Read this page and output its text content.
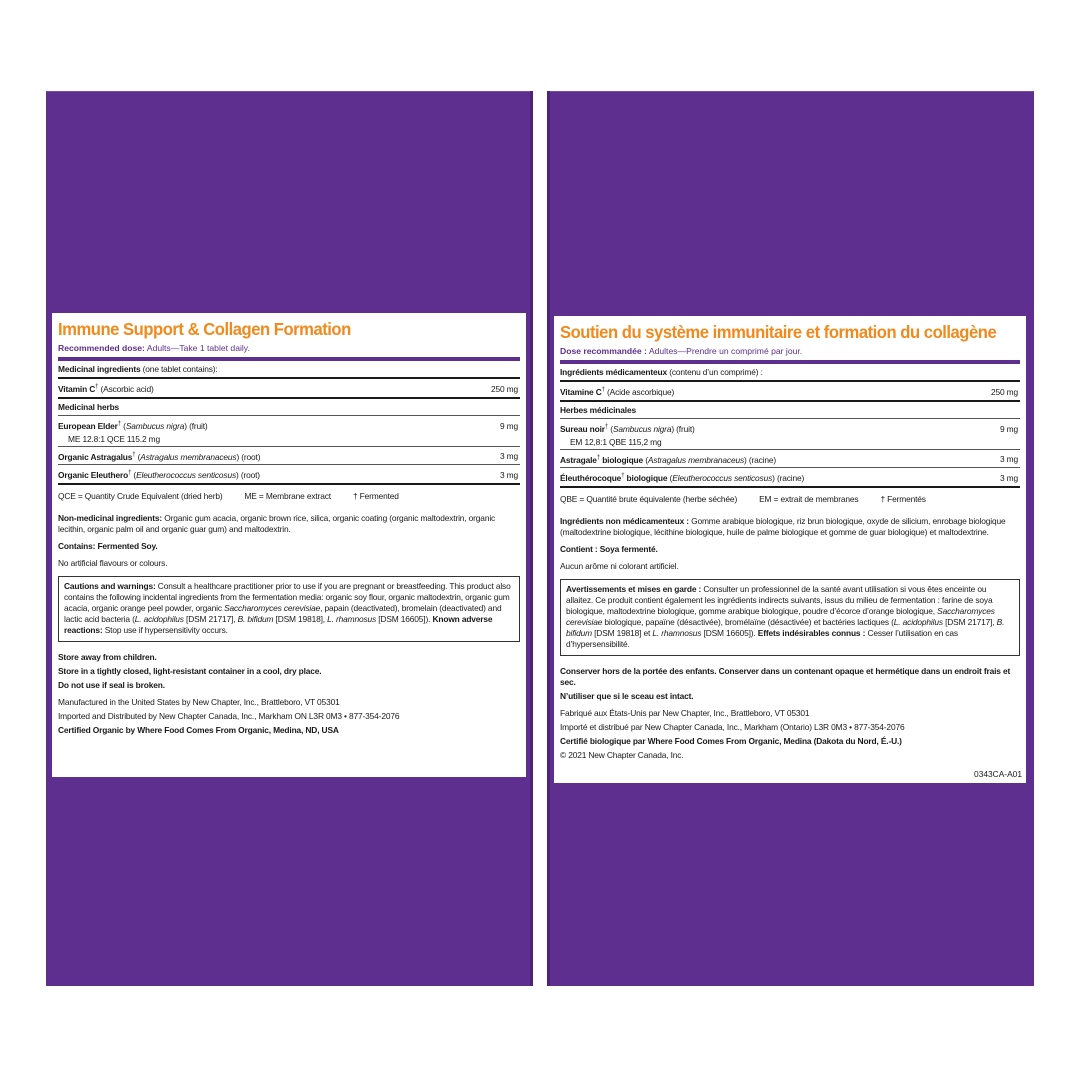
Immune Support & Collagen Formation
Recommended dose: Adults—Take 1 tablet daily.
Medicinal ingredients (one tablet contains):
Vitamin C† (Ascorbic acid)	250 mg
Medicinal herbs
European Elder† (Sambucus nigra) (fruit)	9 mg
ME 12.8:1 QCE 115.2 mg
Organic Astragalus† (Astragalus membranaceus) (root)	3 mg
Organic Eleuthero† (Eleutherococcus senticosus) (root)	3 mg
QCE = Quantity Crude Equivalent (dried herb)	ME = Membrane extract	† Fermented
Non-medicinal ingredients: Organic gum acacia, organic brown rice, silica, organic coating (organic maltodextrin, organic lecithin, organic palm oil and organic guar gum) and maltodextrin.
Contains: Fermented Soy.
No artificial flavours or colours.
Cautions and warnings: Consult a healthcare practitioner prior to use if you are pregnant or breastfeeding. This product also contains the following incidental ingredients from the fermentation media: organic soy flour, organic maltodextrin, organic gum acacia, organic orange peel powder, organic Saccharomyces cerevisiae, papain (deactivated), bromelain (deactivated) and lactic acid bacteria (L. acidophilus [DSM 21717], B. bifidum [DSM 19818], L. rhamnosus [DSM 16605]). Known adverse reactions: Stop use if hypersensitivity occurs.
Store away from children.
Store in a tightly closed, light-resistant container in a cool, dry place.
Do not use if seal is broken.
Manufactured in the United States by New Chapter, Inc., Brattleboro, VT 05301
Imported and Distributed by New Chapter Canada, Inc., Markham ON L3R 0M3 • 877-354-2076
Certified Organic by Where Food Comes From Organic, Medina, ND, USA
Soutien du système immunitaire et formation du collagène
Dose recommandée : Adultes—Prendre un comprimé par jour.
Ingrédients médicamenteux (contenu d’un comprimé) :
Vitamine C† (Acide ascorbique)	250 mg
Herbes médicinales
Sureau noir† (Sambucus nigra) (fruit)	9 mg
EM 12,8:1 QBE 115,2 mg
Astragale† biologique (Astragalus membranaceus) (racine)	3 mg
Éleuthérocoque† biologique (Eleutherococcus senticosus) (racine)	3 mg
QBE = Quantité brute équivalente (herbe séchée)	EM = extrait de membranes	† Fermentés
Ingrédients non médicamenteux : Gomme arabique biologique, riz brun biologique, oxyde de silicium, enrobage biologique (maltodextrine biologique, lécithine biologique, huile de palme biologique et gomme de guar biologique) et maltodextrine.
Contient : Soya fermenté.
Aucun arôme ni colorant artificiel.
Avertissements et mises en garde : Consulter un professionnel de la santé avant utilisation si vous êtes enceinte ou allaitez. Ce produit contient également les ingrédients indirects suivants, issus du milieu de fermentation : farine de soya biologique, maltodextrine biologique, gomme arabique biologique, poudre d’écorce d’orange biologique, Saccharomyces cerevisiae biologique, papaïne (désactivée), bromélaïne (désactivée) et bactéries lactiques (L. acidophilus [DSM 21717], B. bifidum [DSM 19818] et L. rhamnosus [DSM 16605]). Effets indésirables connus : Cesser l’utilisation en cas d’hypersensibilité.
Conserver hors de la portée des enfants. Conserver dans un contenant opaque et hermétique dans un endroit frais et sec.
N’utiliser que si le sceau est intact.
Fabriqué aux États-Unis par New Chapter, Inc., Brattleboro, VT 05301
Importé et distribué par New Chapter Canada, Inc., Markham (Ontario) L3R 0M3 • 877-354-2076
Certifié biologique par Where Food Comes From Organic, Medina (Dakota du Nord, É.-U.)
© 2021 New Chapter Canada, Inc.
0343CA-A01
